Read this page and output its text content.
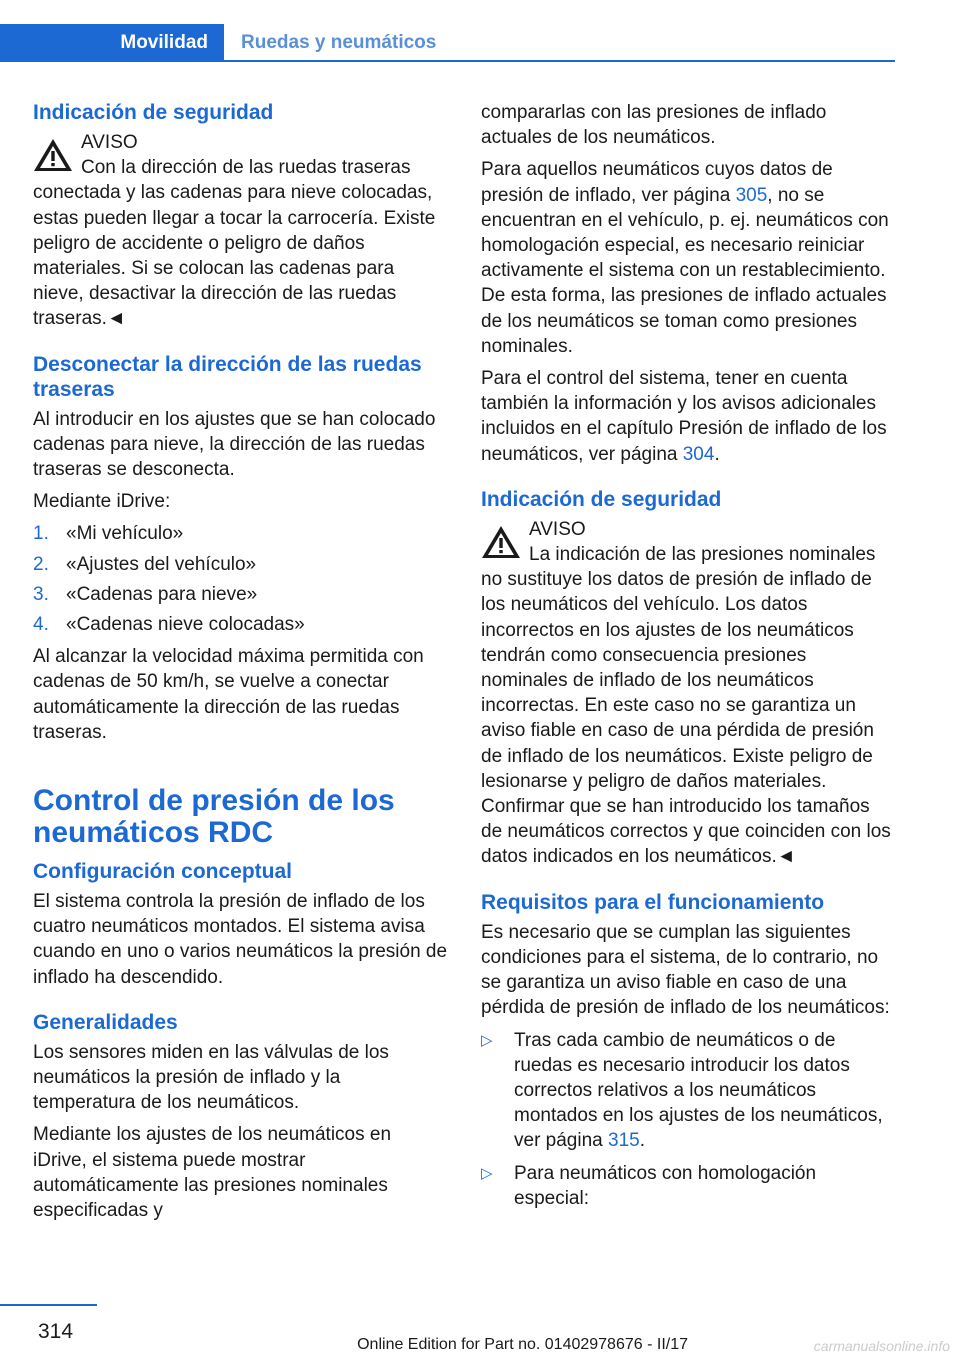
Movilidad	Ruedas y neumáticos
Indicación de seguridad
AVISO

Con la dirección de las ruedas traseras conectada y las cadenas para nieve colocadas, estas pueden llegar a tocar la carrocería. Existe peligro de accidente o peligro de daños materiales. Si se colocan las cadenas para nieve, desactivar la dirección de las ruedas traseras.◄

Desconectar la dirección de las ruedas traseras

Al introducir en los ajustes que se han colocado cadenas para nieve, la dirección de las ruedas traseras se desconecta.

Mediante iDrive:

1. «Mi vehículo»
2. «Ajustes del vehículo»
3. «Cadenas para nieve»
4. «Cadenas nieve colocadas»

Al alcanzar la velocidad máxima permitida con cadenas de 50 km/h, se vuelve a conectar automáticamente la dirección de las ruedas traseras.

Control de presión de los neumáticos RDC
Configuración conceptual

El sistema controla la presión de inflado de los cuatro neumáticos montados. El sistema avisa cuando en uno o varios neumáticos la presión de inflado ha descendido.

Generalidades

Los sensores miden en las válvulas de los neumáticos la presión de inflado y la temperatura de los neumáticos.

Mediante los ajustes de los neumáticos en iDrive, el sistema puede mostrar automáticamente las presiones nominales especificadas y

compararlas con las presiones de inflado actuales de los neumáticos.

Para aquellos neumáticos cuyos datos de presión de inflado, ver página 305, no se encuentran en el vehículo, p. ej. neumáticos con homologación especial, es necesario reiniciar activamente el sistema con un restablecimiento. De esta forma, las presiones de inflado actuales de los neumáticos se toman como presiones nominales.

Para el control del sistema, tener en cuenta también la información y los avisos adicionales incluidos en el capítulo Presión de inflado de los neumáticos, ver página 304.

Indicación de seguridad
AVISO

La indicación de las presiones nominales no sustituye los datos de presión de inflado de los neumáticos del vehículo. Los datos incorrectos en los ajustes de los neumáticos tendrán como consecuencia presiones nominales de inflado de los neumáticos incorrectas. En este caso no se garantiza un aviso fiable en caso de una pérdida de presión de inflado de los neumáticos. Existe peligro de lesionarse y peligro de daños materiales. Confirmar que se han introducido los tamaños de neumáticos correctos y que coinciden con los datos indicados en los neumáticos.◄

Requisitos para el funcionamiento

Es necesario que se cumplan las siguientes condiciones para el sistema, de lo contrario, no se garantiza un aviso fiable en caso de una pérdida de presión de inflado de los neumáticos:

▷	Tras cada cambio de neumáticos o de ruedas es necesario introducir los datos correctos relativos a los neumáticos montados en los ajustes de los neumáticos, ver página 315.
▷	Para neumáticos con homologación especial:
314
Online Edition for Part no. 01402978676 - II/17	carmanualsonline.info
